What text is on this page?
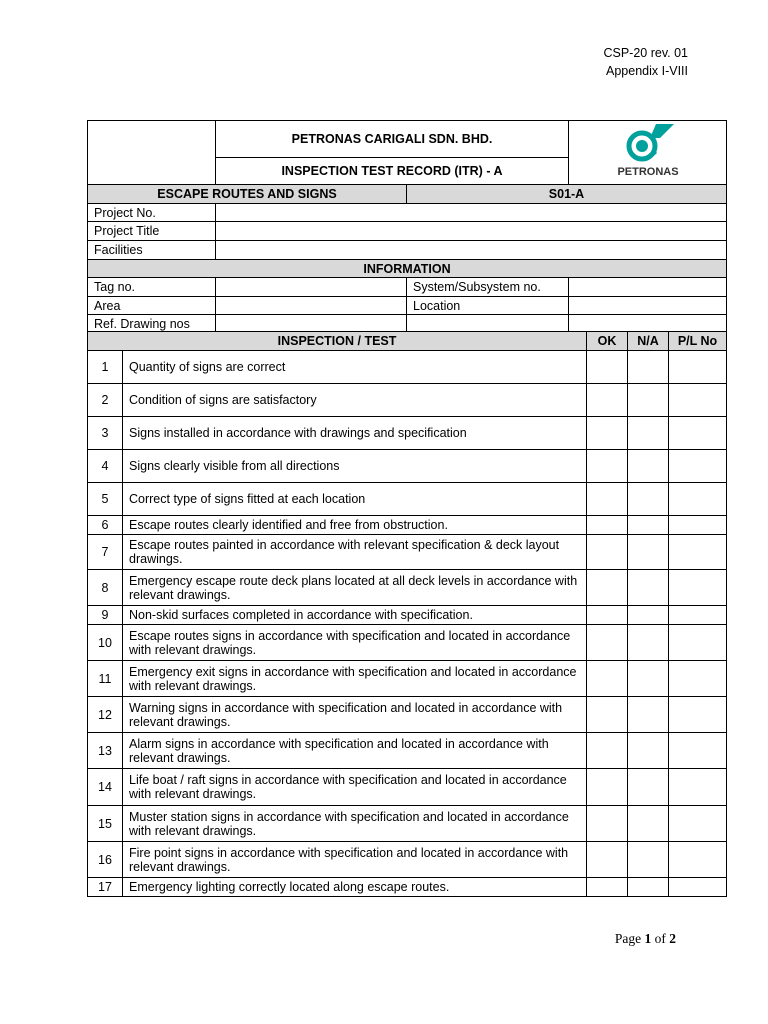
CSP-20 rev. 01
Appendix I-VIII
	PETRONAS CARIGALI SDN. BHD.	
PETRONAS

INSPECTION TEST RECORD (ITR) - A
ESCAPE ROUTES AND SIGNS		S01-A	
Project No.			
Project Title			
Facilities			
INFORMATION			
Tag no.		System/Subsystem no.	
Area		Location	
Ref. Drawing nos			
INSPECTION / TEST		OK	N/A	P/L No
1	Quantity of signs are correct			
2	Condition of signs are satisfactory			
3	Signs installed in accordance with drawings and specification			
4	Signs clearly visible from all directions			
5	Correct type of signs fitted at each location			
6	Escape routes clearly identified and free from obstruction.			
7	Escape routes painted in accordance with relevant specification & deck layout drawings.			
8	Emergency escape route deck plans located at all deck levels in accordance with relevant drawings.			
9	Non-skid surfaces completed in accordance with specification.			
10	Escape routes signs in accordance with specification and located in accordance with relevant drawings.			
11	Emergency exit signs in accordance with specification and located in accordance with relevant drawings.			
12	Warning signs in accordance with specification and located in accordance with relevant drawings.			
13	Alarm signs in accordance with specification and located in accordance with relevant drawings.			
14	Life boat / raft signs in accordance with specification and located in accordance with relevant drawings.			
15	Muster station signs in accordance with specification and located in accordance with relevant drawings.			
16	Fire point signs in accordance with specification and located in accordance with relevant drawings.			
17	Emergency lighting correctly located along escape routes.			
Page 1 of 2
